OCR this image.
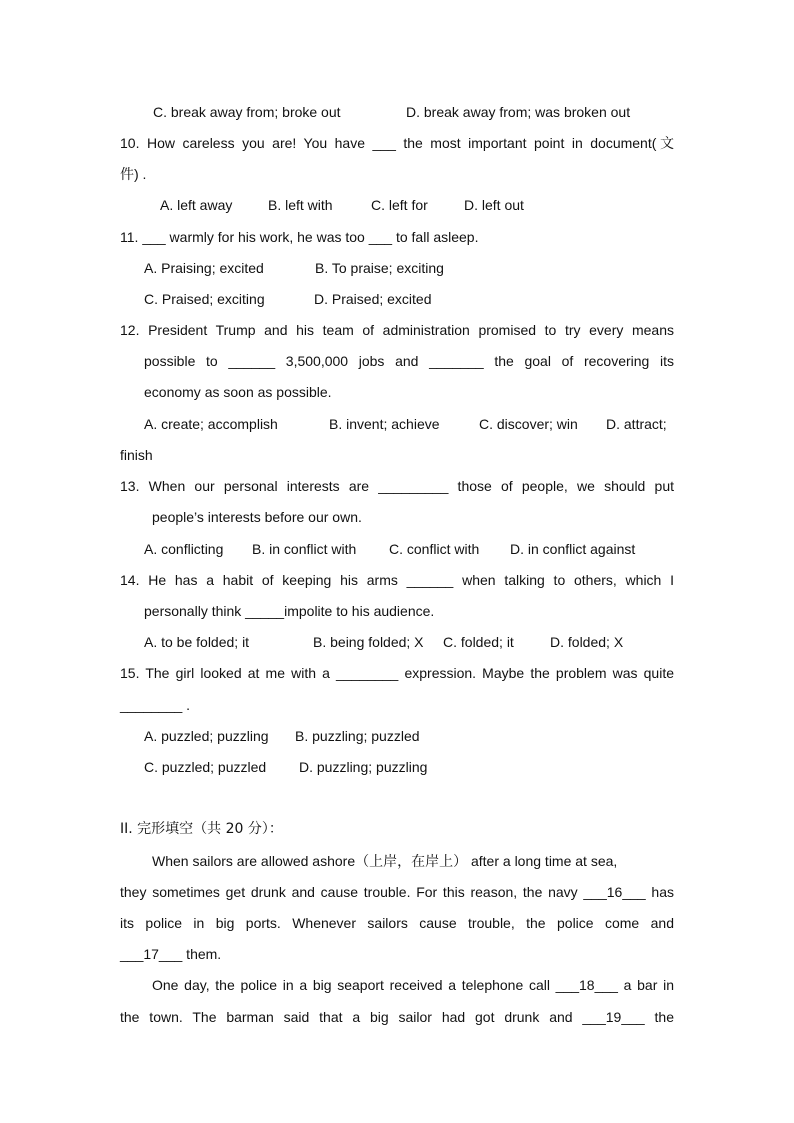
C. break away from; broke out	D. break away from; was broken out
10. How careless you are! You have ___ the most important point in document(文
件) .
A. left away	B. left with	C. left for	D. left out
11. ___ warmly for his work, he was too ___ to fall asleep.
A. Praising; excited	B. To praise; exciting
C. Praised; exciting	D. Praised; excited
12. President Trump and his team of administration promised to try every means
possible to ______ 3,500,000 jobs and _______ the goal of recovering its
economy as soon as possible.
A. create; accomplish	B. invent; achieve	C. discover; win D. attract;
finish
13. When our personal interests are _________ those of people, we should put
people’s interests before our own.
A. conflicting B. in conflict with C. conflict with D. in conflict against
14. He has a habit of keeping his arms ______ when talking to others, which I
personally think _____impolite to his audience.
A. to be folded; it	B. being folded; X C. folded; it	D. folded; X
15. The girl looked at me with a ________ expression. Maybe the problem was quite
________ .
A. puzzled; puzzling B. puzzling; puzzled
C. puzzled; puzzled D. puzzling; puzzling
II. 完形填空（共 20 分）：
When sailors are allowed ashore（上岸，在岸上） after a long time at sea,
they sometimes get drunk and cause trouble. For this reason, the navy ___16___ has
its police in big ports. Whenever sailors cause trouble, the police come and
___17___ them.
One day, the police in a big seaport received a telephone call ___18___ a bar in
the town. The barman said that a big sailor had got drunk and ___19___ the
